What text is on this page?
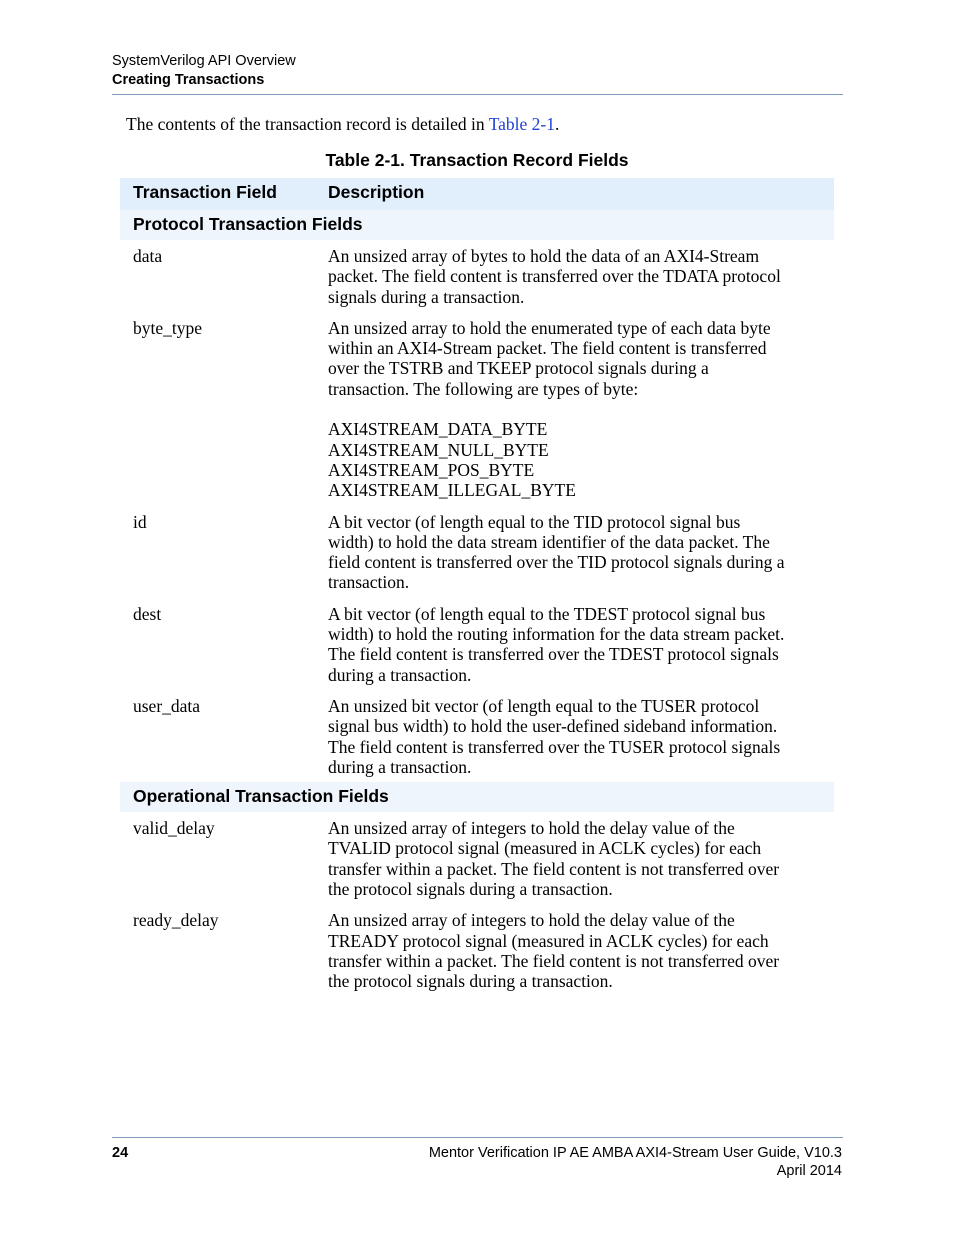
SystemVerilog API Overview
Creating Transactions
The contents of the transaction record is detailed in Table 2-1.
Table 2-1. Transaction Record Fields
Transaction Field	Description
Protocol Transaction Fields
data	An unsized array of bytes to hold the data of an AXI4-Stream
packet. The field content is transferred over the TDATA protocol
signals during a transaction.
byte_type	An unsized array to hold the enumerated type of each data byte
within an AXI4-Stream packet. The field content is transferred
over the TSTRB and TKEEP protocol signals during a
transaction. The following are types of byte:
AXI4STREAM_DATA_BYTE
AXI4STREAM_NULL_BYTE
AXI4STREAM_POS_BYTE
AXI4STREAM_ILLEGAL_BYTE
id	A bit vector (of length equal to the TID protocol signal bus
width) to hold the data stream identifier of the data packet. The
field content is transferred over the TID protocol signals during a
transaction.
dest	A bit vector (of length equal to the TDEST protocol signal bus
width) to hold the routing information for the data stream packet.
The field content is transferred over the TDEST protocol signals
during a transaction.
user_data	An unsized bit vector (of length equal to the TUSER protocol
signal bus width) to hold the user-defined sideband information.
The field content is transferred over the TUSER protocol signals
during a transaction.
Operational Transaction Fields
valid_delay	An unsized array of integers to hold the delay value of the
TVALID protocol signal (measured in ACLK cycles) for each
transfer within a packet. The field content is not transferred over
the protocol signals during a transaction.
ready_delay	An unsized array of integers to hold the delay value of the
TREADY protocol signal (measured in ACLK cycles) for each
transfer within a packet. The field content is not transferred over
the protocol signals during a transaction.
24	Mentor Verification IP AE AMBA AXI4-Stream User Guide, V10.3
April 2014
